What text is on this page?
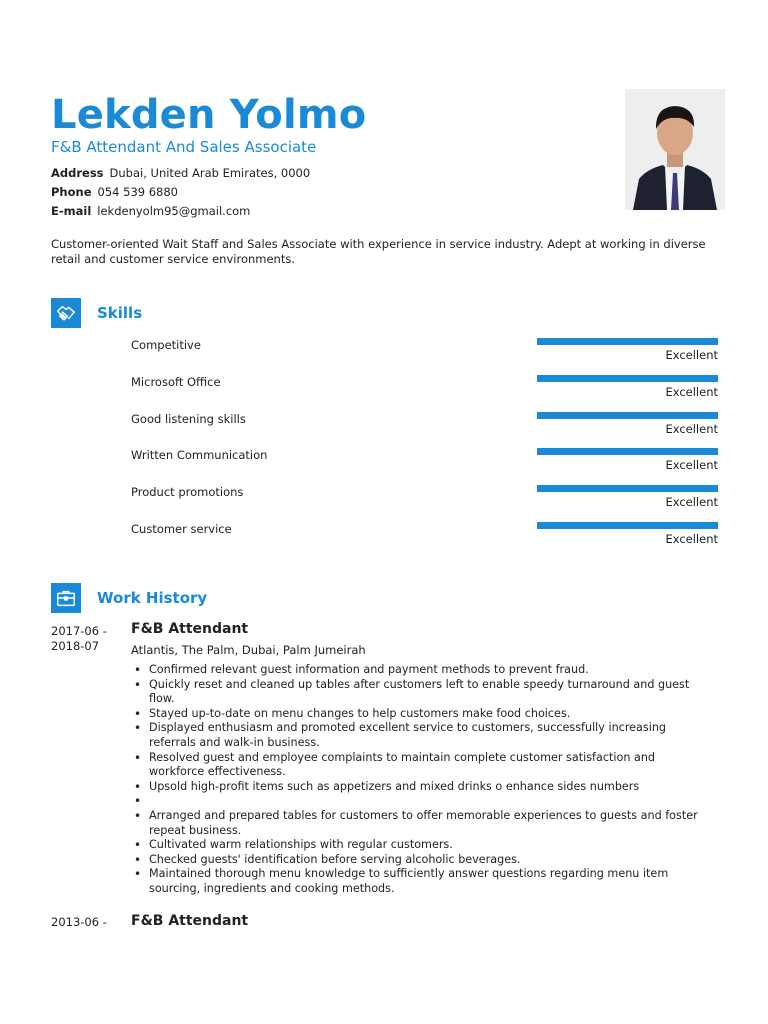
Lekden Yolmo
F&B Attendant And Sales Associate
Address Dubai, United Arab Emirates, 0000
Phone 054 539 6880
E-mail lekdenyolm95@gmail.com
Customer-oriented Wait Staff and Sales Associate with experience in service industry. Adept at working in diverse retail and customer service environments.
Skills
Competitive
Excellent
Microsoft Office
Excellent
Good listening skills
Excellent
Written Communication
Excellent
Product promotions
Excellent
Customer service
Excellent
Work History
2017-06 -
2018-07
F&B Attendant
Atlantis, The Palm, Dubai, Palm Jumeirah
• Confirmed relevant guest information and payment methods to prevent fraud.
• Quickly reset and cleaned up tables after customers left to enable speedy turnaround and guest flow.
• Stayed up-to-date on menu changes to help customers make food choices.
• Displayed enthusiasm and promoted excellent service to customers, successfully increasing referrals and walk-in business.
• Resolved guest and employee complaints to maintain complete customer satisfaction and workforce effectiveness.
• Upsold high-profit items such as appetizers and mixed drinks o enhance sides numbers
•
• Arranged and prepared tables for customers to offer memorable experiences to guests and foster repeat business.
• Cultivated warm relationships with regular customers.
• Checked guests' identification before serving alcoholic beverages.
• Maintained thorough menu knowledge to sufficiently answer questions regarding menu item sourcing, ingredients and cooking methods.
2013-06 - F&B Attendant
